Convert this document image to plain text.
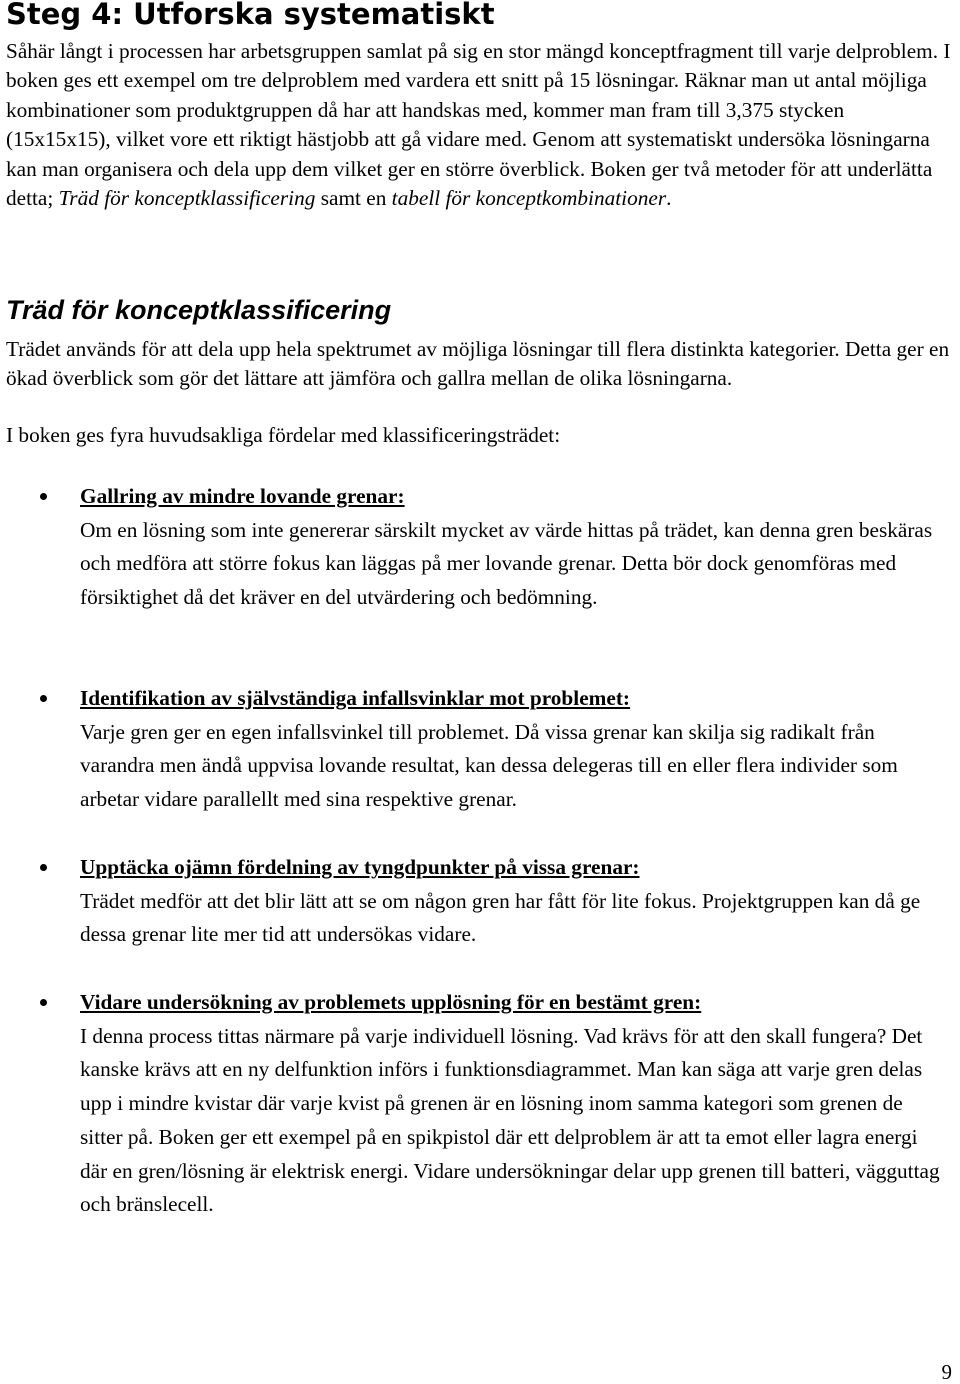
Steg 4: Utforska systematiskt

Såhär långt i processen har arbetsgruppen samlat på sig en stor mängd konceptfragment till varje delproblem. I boken ges ett exempel om tre delproblem med vardera ett snitt på 15 lösningar. Räknar man ut antal möjliga kombinationer som produktgruppen då har att handskas med, kommer man fram till 3,375 stycken (15x15x15), vilket vore ett riktigt hästjobb att gå vidare med. Genom att systematiskt undersöka lösningarna kan man organisera och dela upp dem vilket ger en större överblick. Boken ger två metoder för att underlätta detta; Träd för konceptklassificering samt en tabell för konceptkombinationer.

Träd för konceptklassificering

Trädet används för att dela upp hela spektrumet av möjliga lösningar till flera distinkta kategorier. Detta ger en ökad överblick som gör det lättare att jämföra och gallra mellan de olika lösningarna.

I boken ges fyra huvudsakliga fördelar med klassificeringsträdet:

Gallring av mindre lovande grenar:
Om en lösning som inte genererar särskilt mycket av värde hittas på trädet, kan denna gren beskäras och medföra att större fokus kan läggas på mer lovande grenar. Detta bör dock genomföras med försiktighet då det kräver en del utvärdering och bedömning.
Identifikation av självständiga infallsvinklar mot problemet:
Varje gren ger en egen infallsvinkel till problemet. Då vissa grenar kan skilja sig radikalt från varandra men ändå uppvisa lovande resultat, kan dessa delegeras till en eller flera individer som arbetar vidare parallellt med sina respektive grenar.
Upptäcka ojämn fördelning av tyngdpunkter på vissa grenar:
Trädet medför att det blir lätt att se om någon gren har fått för lite fokus. Projektgruppen kan då ge dessa grenar lite mer tid att undersökas vidare.
Vidare undersökning av problemets upplösning för en bestämt gren:
I denna process tittas närmare på varje individuell lösning. Vad krävs för att den skall fungera? Det kanske krävs att en ny delfunktion införs i funktionsdiagrammet. Man kan säga att varje gren delas upp i mindre kvistar där varje kvist på grenen är en lösning inom samma kategori som grenen de sitter på. Boken ger ett exempel på en spikpistol där ett delproblem är att ta emot eller lagra energi där en gren/lösning är elektrisk energi. Vidare undersökningar delar upp grenen till batteri, vägguttag och bränslecell.
9
